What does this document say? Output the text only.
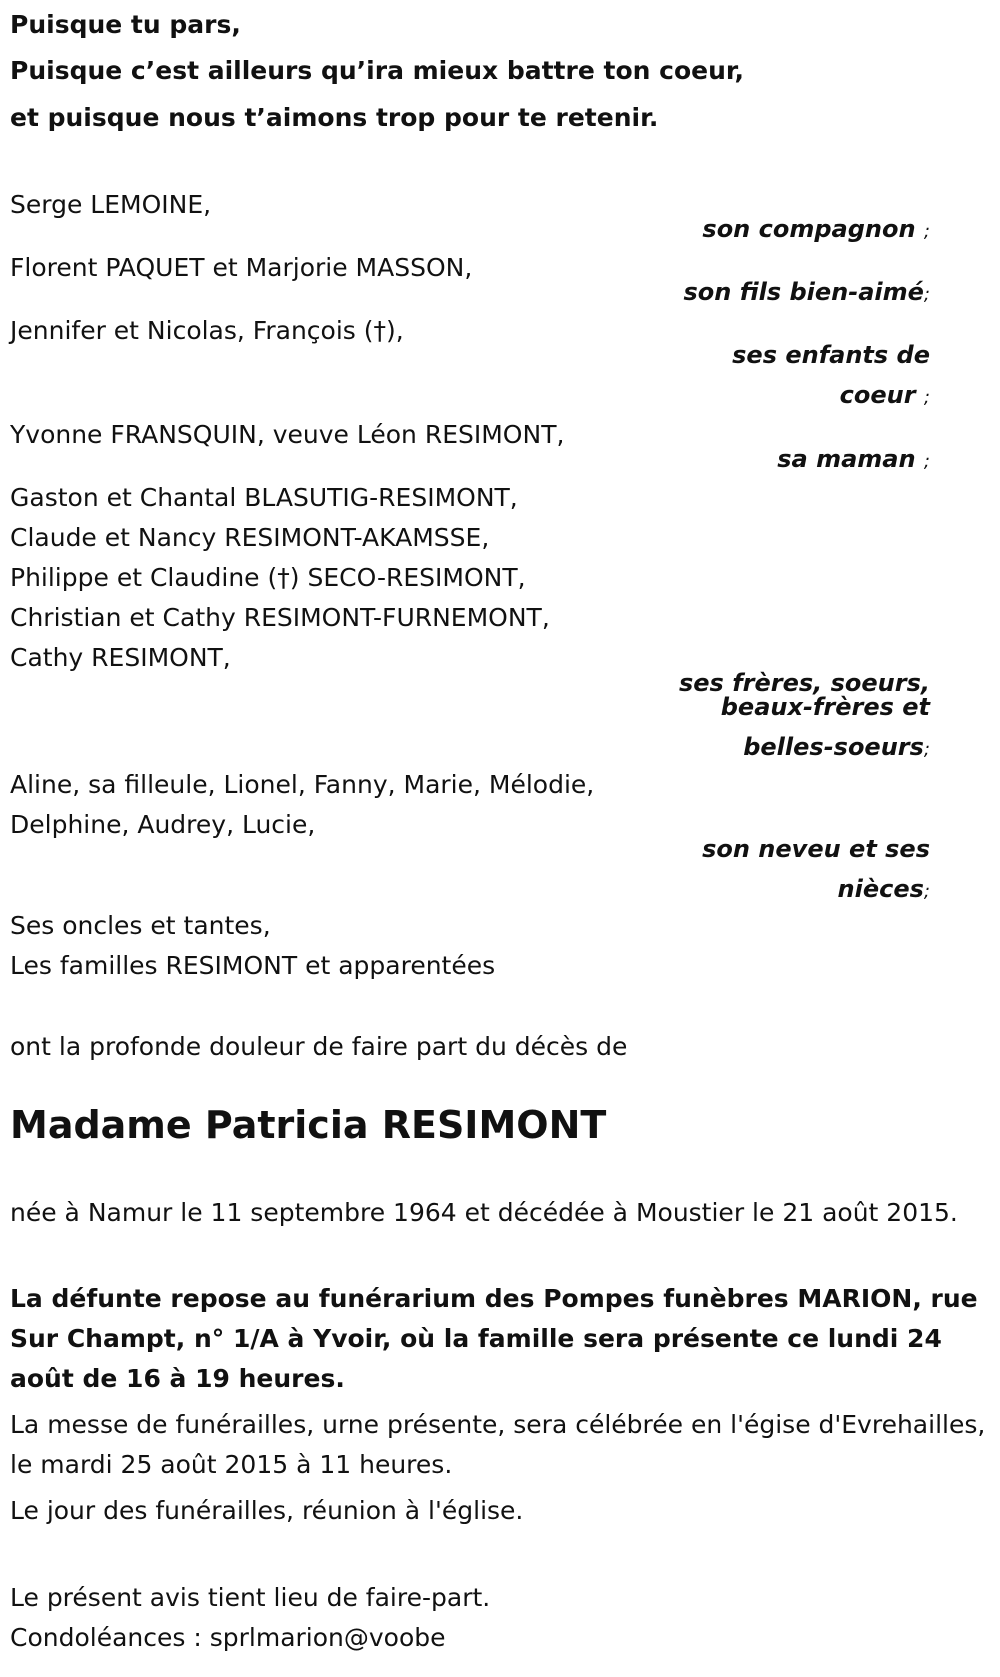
Puisque tu pars,

Puisque c’est ailleurs qu’ira mieux battre ton coeur,

et puisque nous t’aimons trop pour te retenir.

Serge LEMOINE,

Florent PAQUET et Marjorie MASSON,

Jennifer et Nicolas, François (†),

Yvonne FRANSQUIN, veuve Léon RESIMONT,

Gaston et Chantal BLASUTIG-RESIMONT,

Claude et Nancy RESIMONT-AKAMSSE,

Philippe et Claudine (†) SECO-RESIMONT,

Christian et Cathy RESIMONT-FURNEMONT,

Cathy RESIMONT,

Aline, sa filleule, Lionel, Fanny, Marie, Mélodie,

Delphine, Audrey, Lucie,

Ses oncles et tantes,

Les familles RESIMONT et apparentées

son compagnon ;
son fils bien-aimé;
ses enfants de
coeur ;
sa maman ;
ses frères, soeurs,
beaux-frères et
belles-soeurs;
son neveu et ses
nièces;

ont la profonde douleur de faire part du décès de

Madame Patricia RESIMONT

née à Namur le 11 septembre 1964 et décédée à Moustier le 21 août 2015.

La défunte repose au funérarium des Pompes funèbres MARION, rue Sur Champt, n° 1/A à Yvoir, où la famille sera présente ce lundi 24 août de 16 à 19 heures.

La messe de funérailles, urne présente, sera célébrée en l'égise d'Evrehailles, le mardi 25 août 2015 à 11 heures.

Le jour des funérailles, réunion à l'église.

Le présent avis tient lieu de faire-part.

Condoléances : sprlmarion@voobe
